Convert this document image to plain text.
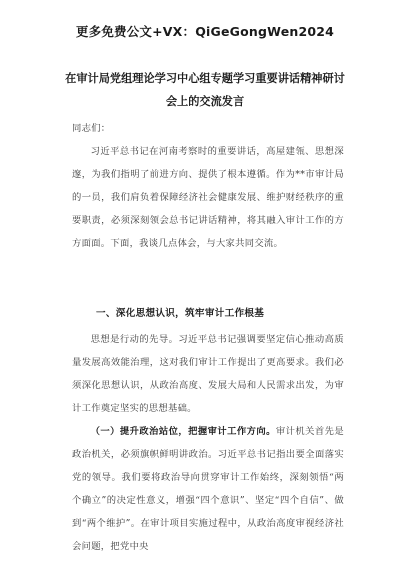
更多免费公文+VX：QiGeGongWen2024
在审计局党组理论学习中心组专题学习重要讲话精神研讨
会上的交流发言
同志们：

习近平总书记在河南考察时的重要讲话，高屋建瓴、思想深邃，为我们指明了前进方向、提供了根本遵循。作为**市审计局的一员，我们肩负着保障经济社会健康发展、维护财经秩序的重要职责，必须深刻领会总书记讲话精神，将其融入审计工作的方方面面。下面，我谈几点体会，与大家共同交流。

一、深化思想认识，筑牢审计工作根基

思想是行动的先导。习近平总书记强调要坚定信心推动高质量发展高效能治理，这对我们审计工作提出了更高要求。我们必须深化思想认识，从政治高度、发展大局和人民需求出发，为审计工作奠定坚实的思想基础。

（一）提升政治站位，把握审计工作方向。审计机关首先是政治机关，必须旗帜鲜明讲政治。习近平总书记指出要全面落实党的领导。我们要将政治导向贯穿审计工作始终，深刻领悟“两个确立”的决定性意义，增强“四个意识”、坚定“四个自信”、做到“两个维护”。在审计项目实施过程中，从政治高度审视经济社会问题，把党中央
